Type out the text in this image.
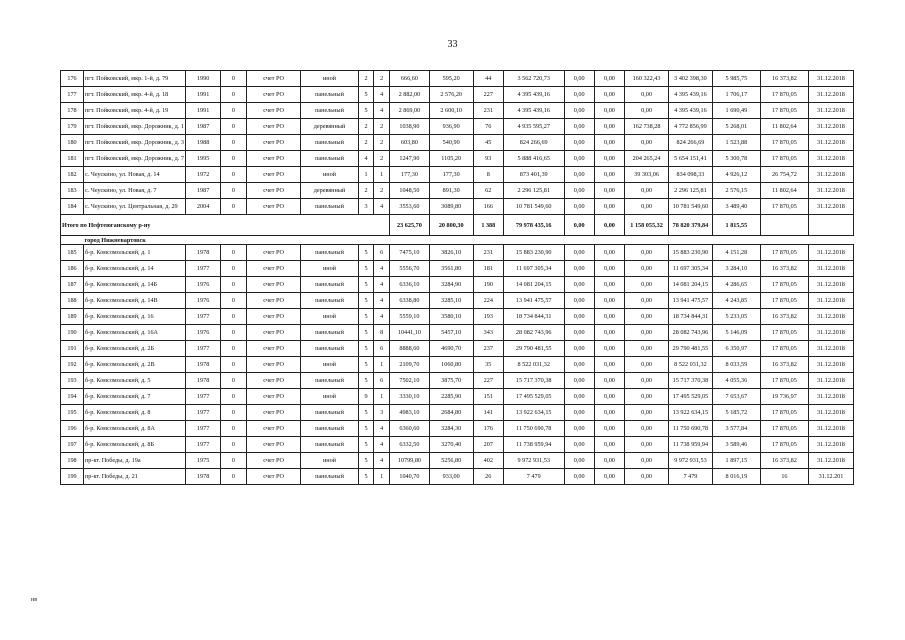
33
176	пгт. Пойковский, мкр. 1-й, д. 79	1990	0	счет РО	иной	2	2	666,60	595,20	44	3 562 720,73	0,00	0,00	160 322,43	3 402 398,30	5 985,75	16 373,82	31.12.2018
177	пгт. Пойковский, мкр. 4-й, д. 18	1991	0	счет РО	панельный	5	4	2 882,00	2 576,20	227	4 395 439,16	0,00	0,00	0,00	4 395 439,16	1 706,17	17 870,05	31.12.2018
178	пгт. Пойковский, мкр. 4-й, д. 19	1991	0	счет РО	панельный	5	4	2 869,00	2 600,10	231	4 395 439,16	0,00	0,00	0,00	4 395 439,16	1 690,49	17 870,05	31.12.2018
179	пгт. Пойковский, мкр. Дорожник, д. 1	1987	0	счет РО	деревянный	2	2	1038,90	936,90	76	4 935 595,27	0,00	0,00	162 738,28	4 772 856,99	5 268,01	11 802,64	31.12.2018
180	пгт. Пойковский, мкр. Дорожник, д. 3	1988	0	счет РО	панельный	2	2	603,80	540,90	45	824 266,69	0,00	0,00	0,00	824 266,69	1 523,88	17 870,05	31.12.2018
181	пгт. Пойковский, мкр. Дорожник, д. 7	1995	0	счет РО	панельный	4	2	1247,90	1105,20	93	5 888 416,65	0,00	0,00	204 265,24	5 654 151,41	5 300,78	17 870,05	31.12.2018
182	с. Чеускино, ул. Новая, д. 14	1972	0	счет РО	иной	1	1	177,30	177,30	8	873 401,39	0,00	0,00	39 303,06	834 098,33	4 926,12	26 754,72	31.12.2018
183	с. Чеускино, ул. Новая, д. 7	1987	0	счет РО	деревянный	2	2	1048,50	891,30	62	2 296 125,81	0,00	0,00	0,00	2 296 125,81	2 576,15	11 802,64	31.12.2018
184	с. Чеускино, ул. Центральная, д. 29	2004	0	счет РО	панельный	3	4	3553,60	3089,80	166	10 781 549,60	0,00	0,00	0,00	10 781 549,60	3 489,40	17 870,05	31.12.2018
Итого по Нефтеюганскому р-ну								23 625,70	20 800,30	1 388	79 978 435,16	0,00	0,00	1 158 055,32	78 820 379,84	1 815,55		
	город Нижневартовск																	
185	б-р. Комсомольский, д. 1	1978	0	счет РО	панельный	5	6	7475,10	3826,10	231	15 883 230,90	0,00	0,00	0,00	15 883 230,90	4 151,28	17 870,05	31.12.2018
186	б-р. Комсомольский, д. 14	1977	0	счет РО	иной	5	4	5556,70	3561,80	181	11 697 305,34	0,00	0,00	0,00	11 697 305,34	3 284,10	16 373,82	31.12.2018
187	б-р. Комсомольский, д. 14Б	1976	0	счет РО	панельный	5	4	6336,10	3284,90	190	14 081 204,15	0,00	0,00	0,00	14 081 204,15	4 286,65	17 870,05	31.12.2018
188	б-р. Комсомольский, д. 14В	1976	0	счет РО	панельный	5	4	6338,80	3285,10	224	13 941 475,57	0,00	0,00	0,00	13 941 475,57	4 243,85	17 870,05	31.12.2018
189	б-р. Комсомольский, д. 16	1977	0	счет РО	иной	5	4	5559,10	3580,10	193	18 734 844,31	0,00	0,00	0,00	18 734 844,31	5 233,05	16 373,82	31.12.2018
190	б-р. Комсомольский, д. 16А	1976	0	счет РО	панельный	5	8	10441,10	5457,10	343	28 082 743,96	0,00	0,00	0,00	28 082 743,96	5 146,09	17 870,05	31.12.2018
191	б-р. Комсомольский, д. 2Б	1977	0	счет РО	панельный	5	6	8888,60	4690,70	237	29 790 481,55	0,00	0,00	0,00	29 790 481,55	6 350,97	17 870,05	31.12.2018
192	б-р. Комсомольский, д. 2В	1978	0	счет РО	иной	5	1	2109,70	1060,80	35	8 522 031,32	0,00	0,00	0,00	8 522 031,32	8 033,59	16 373,82	31.12.2018
193	б-р. Комсомольский, д. 5	1978	0	счет РО	панельный	5	6	7502,10	3875,70	227	15 717 370,38	0,00	0,00	0,00	15 717 370,38	4 055,36	17 870,05	31.12.2018
194	б-р. Комсомольский, д. 7	1977	0	счет РО	иной	9	1	3330,10	2285,90	151	17 495 529,05	0,00	0,00	0,00	17 495 529,05	7 653,67	19 736,97	31.12.2018
195	б-р. Комсомольский, д. 8	1977	0	счет РО	панельный	5	3	4983,10	2684,80	141	13 922 634,15	0,00	0,00	0,00	13 922 634,15	5 185,72	17 870,05	31.12.2018
196	б-р. Комсомольский, д. 8А	1977	0	счет РО	панельный	5	4	6360,60	3284,30	176	11 750 690,78	0,00	0,00	0,00	11 750 690,78	3 577,84	17 870,05	31.12.2018
197	б-р. Комсомольский, д. 8Б	1977	0	счет РО	панельный	5	4	6332,50	3270,40	207	11 738 959,94	0,00	0,00	0,00	11 738 959,94	3 589,46	17 870,05	31.12.2018
198	пр-кт. Победы, д. 19а	1975	0	счет РО	иной	5	4	10799,80	5256,80	402	9 972 931,53	0,00	0,00	0,00	9 972 931,53	1 897,15	16 373,82	31.12.2018
199	пр-кт. Победы, д. 21	1978	0	счет РО	панельный	5	1	1040,70	933,00	26	7 479	0,00	0,00	0,00	7 479	8 016,19	16	31.12.201
нв
